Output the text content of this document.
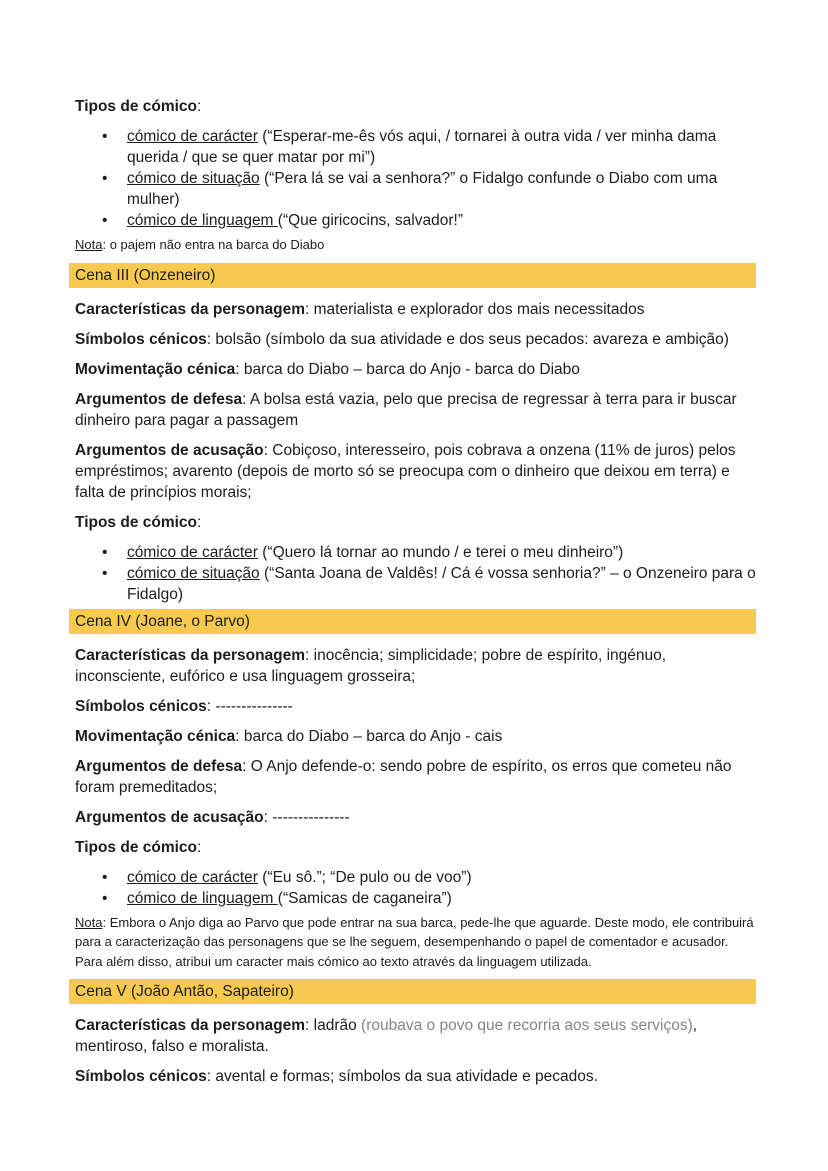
Tipos de cómico:

• cómico de carácter (“Esperar-me-ês vós aqui, / tornarei à outra vida / ver minha dama querida / que se quer matar por mi”)
• cómico de situação (“Pera lá se vai a senhora?” o Fidalgo confunde o Diabo com uma mulher)
• cómico de linguagem (“Que giricocins, salvador!”

Nota: o pajem não entra na barca do Diabo

Cena III (Onzeneiro)

Características da personagem: materialista e explorador dos mais necessitados

Símbolos cénicos: bolsão (símbolo da sua atividade e dos seus pecados: avareza e ambição)

Movimentação cénica: barca do Diabo – barca do Anjo - barca do Diabo

Argumentos de defesa: A bolsa está vazia, pelo que precisa de regressar à terra para ir buscar dinheiro para pagar a passagem

Argumentos de acusação: Cobiçoso, interesseiro, pois cobrava a onzena (11% de juros) pelos empréstimos; avarento (depois de morto só se preocupa com o dinheiro que deixou em terra) e falta de princípios morais;

Tipos de cómico:

• cómico de carácter (“Quero lá tornar ao mundo / e terei o meu dinheiro”)
• cómico de situação (“Santa Joana de Valdês! / Cá é vossa senhoria?” – o Onzeneiro para o Fidalgo)
Cena IV (Joane, o Parvo)

Características da personagem: inocência; simplicidade; pobre de espírito, ingénuo, inconsciente, eufórico e usa linguagem grosseira;

Símbolos cénicos: ---------------

Movimentação cénica: barca do Diabo – barca do Anjo - cais

Argumentos de defesa: O Anjo defende-o: sendo pobre de espírito, os erros que cometeu não foram premeditados;

Argumentos de acusação: ---------------

Tipos de cómico:

• cómico de carácter (“Eu sô.”; “De pulo ou de voo”)
• cómico de linguagem (“Samicas de caganeira”)

Nota: Embora o Anjo diga ao Parvo que pode entrar na sua barca, pede-lhe que aguarde. Deste modo, ele contribuirá para a caracterização das personagens que se lhe seguem, desempenhando o papel de comentador e acusador. Para além disso, atribui um caracter mais cómico ao texto através da linguagem utilizada.

Cena V (João Antão, Sapateiro)

Características da personagem: ladrão (roubava o povo que recorria aos seus serviços), mentiroso, falso e moralista.

Símbolos cénicos: avental e formas; símbolos da sua atividade e pecados.
